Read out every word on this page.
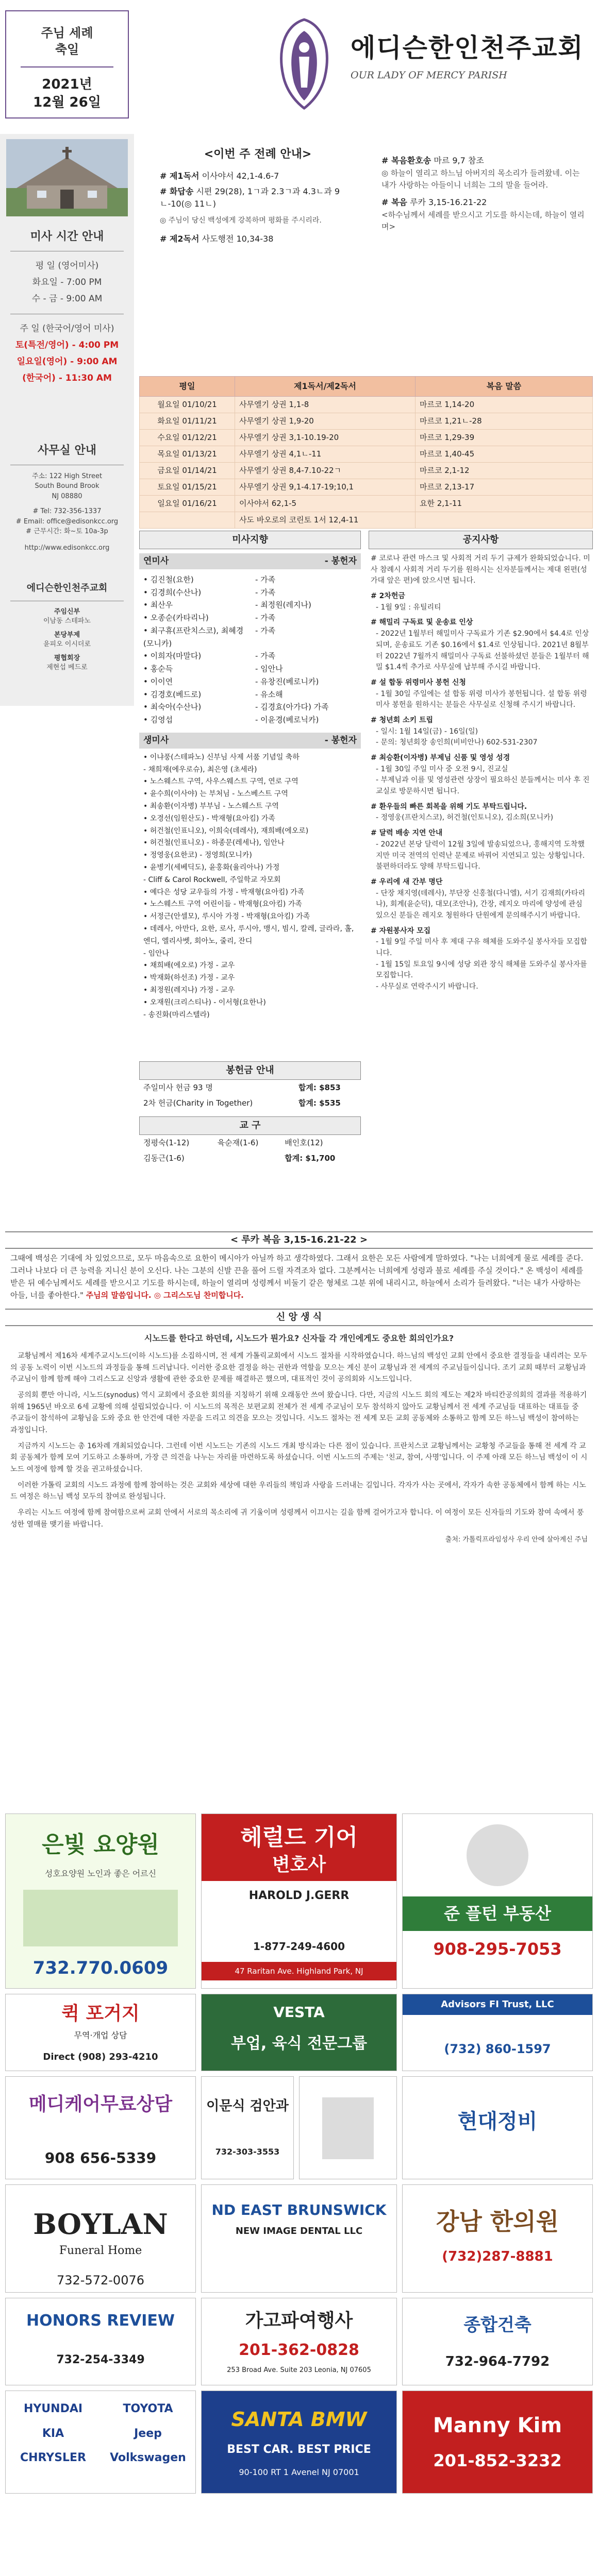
주님 세례
축일
2021년
12월 26일
에디슨한인천주교회
OUR LADY OF MERCY PARISH
미사 시간 안내
평 일 (영어미사)
화요일 - 7:00 PM
수 - 금 - 9:00 AM
주 일 (한국어/영어 미사)
토(특전/영어) - 4:00 PM
일요일(영어) - 9:00 AM
(한국어) - 11:30 AM
사무실 안내
주소: 122 High Street
South Bound Brook
NJ 08880
# Tel: 732-356-1337
# Email: office@edisonkcc.org
# 근무시간: 화~토 10a-3p
http://www.edisonkcc.org
에디슨한인천주교회
주임신부
이남동 스테파노
본당부제
윤피오 이시더로
평협회장
제현섭 베드로
<이번 주 전례 안내>
# 제1독서 이사야서 42,1-4.6-7
# 화답송 시편 29(28), 1ㄱ과 2.3ㄱ과 4.3ㄴ과 9ㄴ-10(◎ 11ㄴ)
◎ 주님이 당신 백성에게 강복하며 평화를 주시리라.
# 제2독서 사도행전 10,34-38
# 복음환호송 마르 9,7 참조
◎ 하늘이 열리고 하느님 아버지의 목소리가 들려왔네. 이는 내가 사랑하는 아들이니 너희는 그의 말을 들어라.
# 복음 루카 3,15-16.21-22
<하수님께서 세례를 받으시고 기도를 하시는데, 하늘이 열리며>
평일	제1독서/제2독서	복음 말씀
월요일 01/10/21	사무엘기 상권 1,1-8	마르코 1,14-20
화요일 01/11/21	사무엘기 상권 1,9-20	마르코 1,21ㄴ-28
수요일 01/12/21	사무엘기 상권 3,1-10.19-20	마르코 1,29-39
목요일 01/13/21	사무엘기 상권 4,1ㄴ-11	마르코 1,40-45
금요일 01/14/21	사무엘기 상권 8,4-7.10-22ㄱ	마르코 2,1-12
토요일 01/15/21	사무엘기 상권 9,1-4.17-19;10,1	마르코 2,13-17
일요일 01/16/21	이사야서 62,1-5	요한 2,1-11
	사도 바오로의 코린토 1서 12,4-11	
미사지향
연미사	- 봉헌자
• 김진철(요한)	- 가족
• 김경희(수산나)	- 가족
• 최산우	- 최정원(레지나)
• 오종순(카타리나)	- 가족
• 최구휴(프란치스코), 최혜경(모니카)
- 가족
• 이희자(마말다)	- 가족
• 홍순득	- 임안나
• 이이연	- 유창진(베로니카)
• 김경호(베드로)	- 유소해
• 최숙아(수산나)	- 김경효(아가다) 가족
• 김영섭	- 이윤경(베로닉카)
생미사	- 봉헌자
• 이냐풍(스테파노) 신부님 사제 서품 기념일 축하
- 채희재(에우로슈), 최은영 (초세라)
• 노스웨스트 구역, 사우스웨스트 구역, 연로 구역
• 윤수희(이사야) 는 부처님 - 노스베스트 구역
• 최송환(이자병) 부부님 - 노스웨스트 구역
• 오경선(임원산도) - 박재형(요아킴) 가족
• 허건철(인표니오), 이희숙(데레사), 재희배(에오로)
• 허건철(인표니오) - 하종문(레세나), 임안나
• 정영웅(요한코) - 정영희(모니카)
• 윤병기(세베딕도), 윤홍화(율리아나) 가정
- Cliff & Carol Rockwell, 주일학교 자모회
• 예다은 성당 교우들의 가정 - 박재형(요아킴) 가족
• 노스웨스트 구역 어린이들 - 박재형(요아킴) 가족
• 서정근(안셀모), 루시아 가정 - 박재형(요아킴) 가족
• 데레사, 아만다, 요한, 로사, 루시아, 맹시, 빔시, 칼레, 글라라, 홀, 엔디, 엘리사벳, 회아노, 줄리, 잔디
- 임안나
• 채희배(에오로) 가정 - 교우
• 박재화(하선조) 가정 - 교우
• 최정원(레지나) 가정 - 교우
• 오재원(크리스티나) - 이서형(요한나)
- 송진화(마리스텔라)
공지사항
# 코로나 관련 마스크 및 사회적 거리 두기 규제가 완화되었습니다. 미사 참례시 사회적 거리 두기를 원하시는 신자분들께서는 제대 왼편(성가대 앞은 편)에 앉으시면 됩니다.
# 2차헌금
- 1월 9일 : 유틸리티
# 해밀리 구독료 및 운송료 인상
- 2022년 1월부터 해밀미사 구독료가 기존 $2.90에서 $4.4로 인상되며, 운송료도 기존 $0.16에서 $1.4로 인상됩니다. 2021년 8월부터 2022년 7월까지 해밀미사 구독료 선불하셨던 분들은 1월부터 해밀 $1.4씩 추가로 사무실에 납부해 주시길 바랍니다.
# 설 합동 위령미사 봉헌 신청
- 1월 30일 주일에는 설 합동 위령 미사가 봉헌됩니다. 설 합동 위령미사 봉헌을 원하시는 분들은 사무실로 신청해 주시기 바랍니다.
# 청년회 소키 트립
- 일시: 1월 14일(금) - 16일(일)
- 문의: 청년회장 송인희(비비안나) 602-531-2307
# 최승환(이자병) 부제님 신품 및 영성 성경
- 1월 30일 주일 미사 중 오전 9시, 진교실
- 부제님과 이를 및 영성관련 상장이 필요하신 분들께서는 미사 후 진교실로 방문하시면 됩니다.
# 환우들의 빠른 회복을 위해 기도 부탁드립니다.
- 정영웅(프란치스코), 허건철(인토니오), 김소희(모니카)
# 달력 배송 지연 안내
- 2022년 본당 달력이 12월 3일에 발송되었으나, 홍해지역 도착했지만 미국 전역의 인력난 문제로 바꿔어 지연되고 있는 상황입니다. 불편하더라도 양해 부탁드립니다.
# 우리에 새 간부 명단
- 단장 채지영(데레사), 부단장 신홍철(다니엘), 서기 김재희(카타리나), 회계(윤순덕), 대모(조안나), 간장, 레지오 마리에 양성에 관심 있으신 분들은 레지오 청원하다 단원에게 문의해주시기 바랍니다.
# 자원봉사자 모집
- 1월 9일 주일 미사 후 제대 구유 해체를 도와주실 봉사자들 모집합니다.
- 1월 15일 토요일 9시에 성당 외관 장식 해체를 도와주실 봉사자를 모집합니다.
- 사무실로 연락주시기 바랍니다.
봉헌금 안내
주일미사 헌금 93 명	합계: $853
2차 헌금(Charity in Together)	합계: $535
교 구
정평숙(1-12)	육순재(1-6)	배인호(12)
김동근(1-6)		합계: $1,700
< 루카 복음 3,15-16.21-22 >
그때에 백성은 기대에 차 있었으므로, 모두 마음속으로 요한이 메시아가 아닐까 하고 생각하였다. 그래서 요한은 모든 사람에게 말하였다. "나는 너희에게 물로 세례를 준다. 그러나 나보다 더 큰 능력을 지니신 분이 오신다. 나는 그분의 신발 끈을 풀어 드릴 자격조차 없다. 그분께서는 너희에게 성령과 불로 세례를 주실 것이다." 온 백성이 세례를 받은 뒤 예수님께서도 세례를 받으시고 기도를 하시는데, 하늘이 열리며 성령께서 비둘기 같은 형체로 그분 위에 내리시고, 하늘에서 소리가 들려왔다. "너는 내가 사랑하는 아들, 너를 좋아한다." 주님의 말씀입니다. ◎ 그리스도님 찬미합니다.
신 앙 생 식
시노드를 한다고 하던데, 시노드가 뭔가요? 신자들 각 개인에게도 중요한 회의인가요?

교황님께서 제16차 세계주교시노드(이하 시노드)를 소집하시며, 전 세계 가톨릭교회에서 시노드 절차를 시작하였습니다. 하느님의 백성인 교회 안에서 중요한 결정들을 내리려는 모두의 공동 노력이 이번 시노드의 과정들을 통해 드러납니다. 이러한 중요한 결정을 하는 권한과 역할을 모으는 계신 분이 교황님과 전 세계의 주교님들이십니다. 조기 교회 때부터 교황님과 주교님이 함께 함께 해야 그리스도교 신앙과 생활에 관한 중요한 문제를 해결하곤 했으며, 대표적인 것이 공의회와 시노드입니다.

공의회 뿐만 아니라, 시노드(synodus) 역시 교회에서 중요한 회의를 지칭하기 위해 오래동안 쓰여 왔습니다. 다만, 지금의 시노드 회의 제도는 제2차 바티칸공의회의 결과를 적용하기 위해 1965년 바오로 6세 교황에 의해 설립되었습니다. 이 시노드의 목적은 보편교회 전체가 전 세계 주교님이 모두 참석하지 않아도 교황님께서 전 세계 주교님들 대표하는 대표들 중 주교들이 참석하여 교황님을 도와 중요 한 안건에 대한 자문을 드리고 의견을 모으는 것입니다. 시노드 절차는 전 세계 모든 교회 공동체와 소통하고 함께 모든 하느님 백성이 참여하는 과정입니다.

지금까지 시노드는 총 16차례 개최되었습니다. 그런데 이번 시노드는 기존의 시노드 개최 방식과는 다른 점이 있습니다. 프란치스코 교황님께서는 교황청 주교들을 통해 전 세계 각 교회 공동체가 함께 모여 기도하고 소통하며, 가장 큰 의견을 나누는 자리를 마련하도록 하셨습니다. 이번 시노드의 주제는 '친교, 참여, 사명'입니다. 이 주제 아래 모든 하느님 백성이 이 시노드 여정에 함께 할 것을 권고하셨습니다.

이러한 가톨릭 교회의 시노드 과정에 함께 참여하는 것은 교회와 세상에 대한 우리들의 책임과 사랑을 드러내는 길입니다. 각자가 사는 곳에서, 각자가 속한 공동체에서 함께 하는 시노드 여정은 하느님 백성 모두의 참여로 완성됩니다.

우리는 시노드 여정에 함께 참여함으로써 교회 안에서 서로의 목소리에 귀 기울이며 성령께서 이끄시는 길을 함께 걸어가고자 합니다. 이 여정이 모든 신자들의 기도와 참여 속에서 풍성한 열매를 맺기를 바랍니다.

출처: 가톨릭프라임성사 우리 안에 살아계신 주님
은빛 요양원
성호요양원 노인과 좋은 어르신
732.770.0609
헤럴드 기어
변호사
HAROLD J.GERR
1-877-249-4600
47 Raritan Ave. Highland Park, NJ
준 플턴 부동산
908-295-7053
퀵 포거지
무역·개업 상담
Direct (908) 293-4210
VESTA
부업, 육식 전문그룹
Advisors FI Trust, LLC
(732) 860-1597
메디케어무료상담
908 656-5339
이문식 검안과
732-303-3553
현대정비
BOYLAN
Funeral Home
732-572-0076
ND EAST BRUNSWICK
NEW IMAGE DENTAL LLC	강남 한의원
(732)287-8881
HONORS REVIEW
732-254-3349
가고파여행사
201-362-0828
253 Broad Ave. Suite 203 Leonia, NJ 07605
종합건축
732-964-7792
HYUNDAI	TOYOTA
KIA	Jeep
CHRYSLER	Volkswagen
SANTA BMW
BEST CAR. BEST PRICE
90-100 RT 1 Avenel NJ 07001
Manny Kim
201-852-3232
